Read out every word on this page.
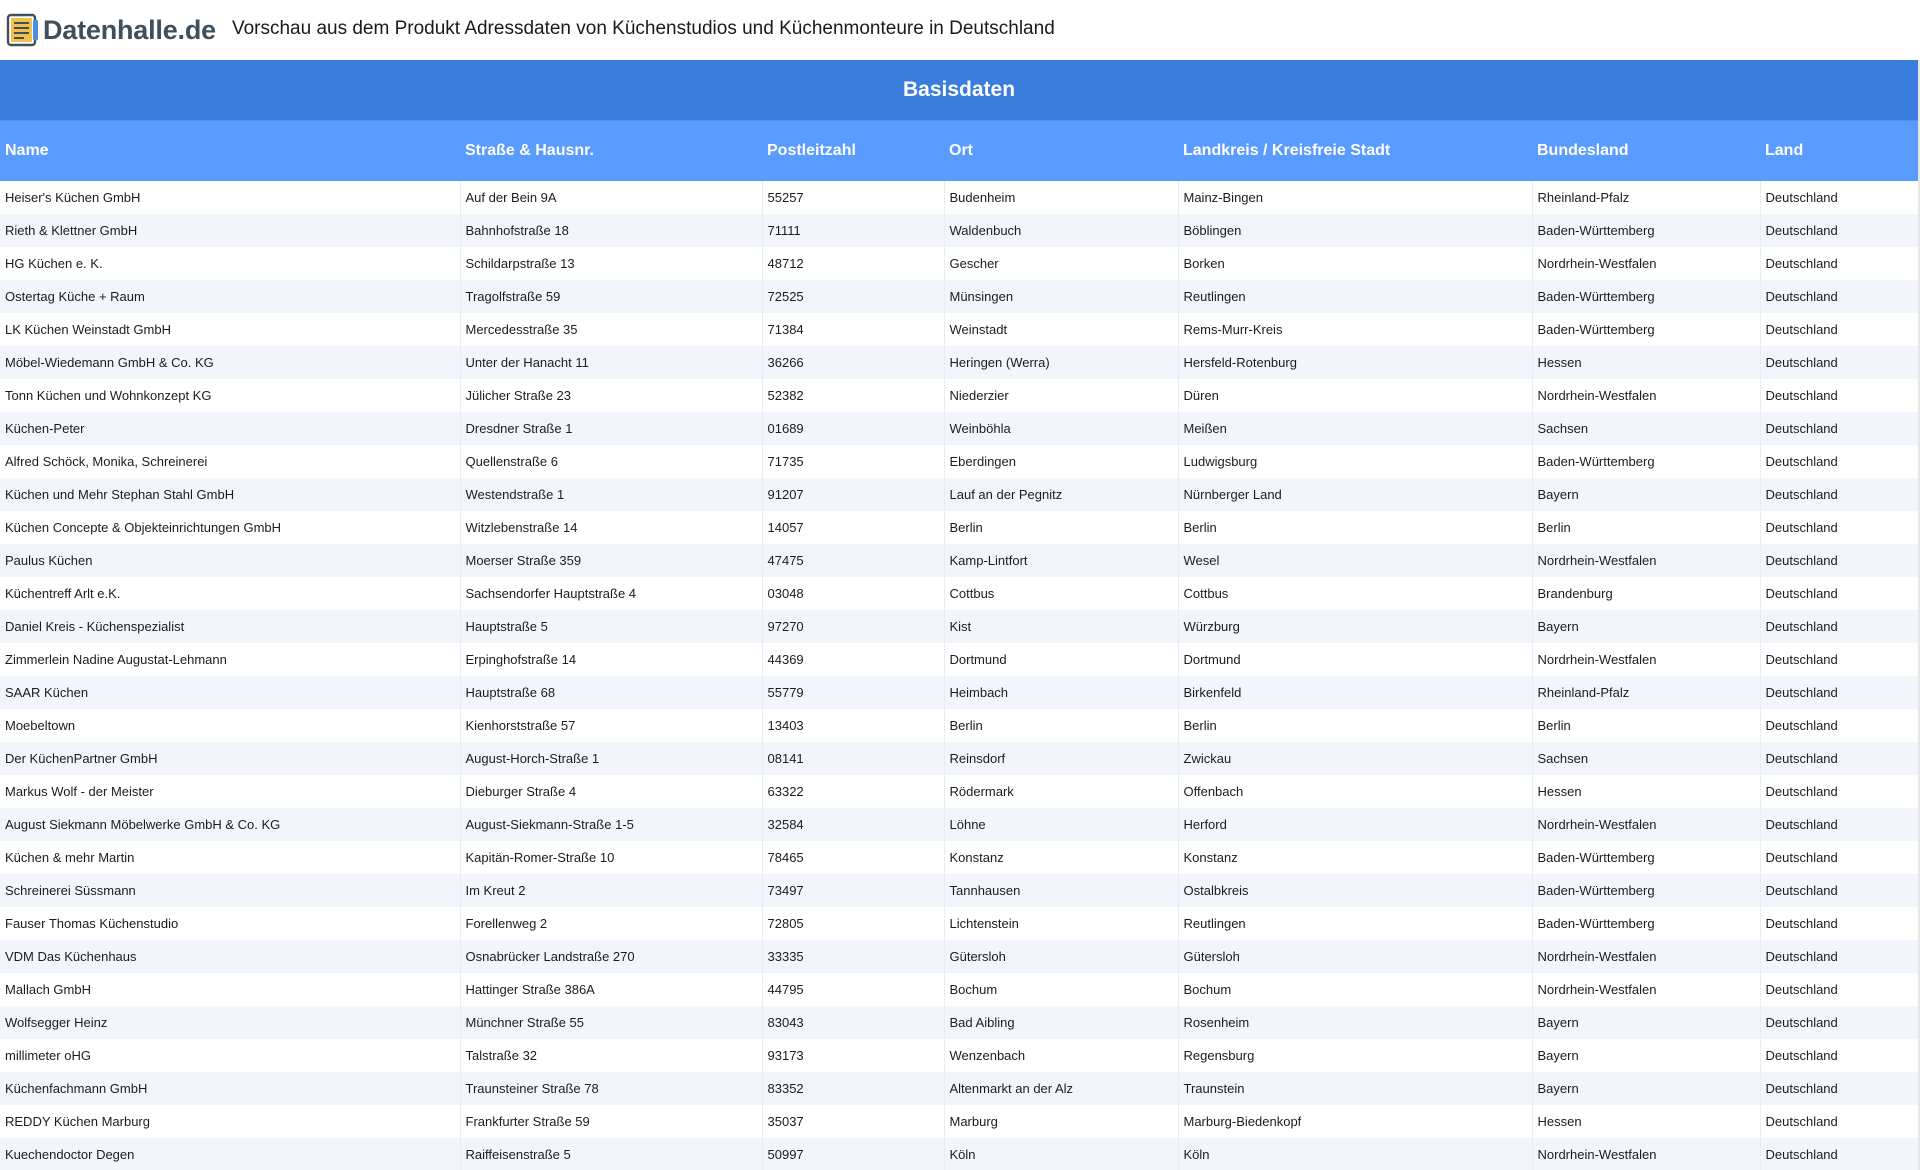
Datenhalle.de Vorschau aus dem Produkt Adressdaten von Küchenstudios und Küchenmonteure in Deutschland
Basisdaten						
Name	Straße & Hausnr.	Postleitzahl	Ort	Landkreis / Kreisfreie Stadt	Bundesland	Land
Heiser's Küchen GmbH	Auf der Bein 9A	55257	Budenheim	Mainz-Bingen	Rheinland-Pfalz	Deutschland
Rieth & Klettner GmbH	Bahnhofstraße 18	71111	Waldenbuch	Böblingen	Baden-Württemberg	Deutschland
HG Küchen e. K.	Schildarpstraße 13	48712	Gescher	Borken	Nordrhein-Westfalen	Deutschland
Ostertag Küche + Raum	Tragolfstraße 59	72525	Münsingen	Reutlingen	Baden-Württemberg	Deutschland
LK Küchen Weinstadt GmbH	Mercedesstraße 35	71384	Weinstadt	Rems-Murr-Kreis	Baden-Württemberg	Deutschland
Möbel-Wiedemann GmbH & Co. KG	Unter der Hanacht 11	36266	Heringen (Werra)	Hersfeld-Rotenburg	Hessen	Deutschland
Tonn Küchen und Wohnkonzept KG	Jülicher Straße 23	52382	Niederzier	Düren	Nordrhein-Westfalen	Deutschland
Küchen-Peter	Dresdner Straße 1	01689	Weinböhla	Meißen	Sachsen	Deutschland
Alfred Schöck, Monika, Schreinerei	Quellenstraße 6	71735	Eberdingen	Ludwigsburg	Baden-Württemberg	Deutschland
Küchen und Mehr Stephan Stahl GmbH	Westendstraße 1	91207	Lauf an der Pegnitz	Nürnberger Land	Bayern	Deutschland
Küchen Concepte & Objekteinrichtungen GmbH	Witzlebenstraße 14	14057	Berlin	Berlin	Berlin	Deutschland
Paulus Küchen	Moerser Straße 359	47475	Kamp-Lintfort	Wesel	Nordrhein-Westfalen	Deutschland
Küchentreff Arlt e.K.	Sachsendorfer Hauptstraße 4	03048	Cottbus	Cottbus	Brandenburg	Deutschland
Daniel Kreis - Küchenspezialist	Hauptstraße 5	97270	Kist	Würzburg	Bayern	Deutschland
Zimmerlein Nadine Augustat-Lehmann	Erpinghofstraße 14	44369	Dortmund	Dortmund	Nordrhein-Westfalen	Deutschland
SAAR Küchen	Hauptstraße 68	55779	Heimbach	Birkenfeld	Rheinland-Pfalz	Deutschland
Moebeltown	Kienhorststraße 57	13403	Berlin	Berlin	Berlin	Deutschland
Der KüchenPartner GmbH	August-Horch-Straße 1	08141	Reinsdorf	Zwickau	Sachsen	Deutschland
Markus Wolf - der Meister	Dieburger Straße 4	63322	Rödermark	Offenbach	Hessen	Deutschland
August Siekmann Möbelwerke GmbH & Co. KG	August-Siekmann-Straße 1-5	32584	Löhne	Herford	Nordrhein-Westfalen	Deutschland
Küchen & mehr Martin	Kapitän-Romer-Straße 10	78465	Konstanz	Konstanz	Baden-Württemberg	Deutschland
Schreinerei Süssmann	Im Kreut 2	73497	Tannhausen	Ostalbkreis	Baden-Württemberg	Deutschland
Fauser Thomas Küchenstudio	Forellenweg 2	72805	Lichtenstein	Reutlingen	Baden-Württemberg	Deutschland
VDM Das Küchenhaus	Osnabrücker Landstraße 270	33335	Gütersloh	Gütersloh	Nordrhein-Westfalen	Deutschland
Mallach GmbH	Hattinger Straße 386A	44795	Bochum	Bochum	Nordrhein-Westfalen	Deutschland
Wolfsegger Heinz	Münchner Straße 55	83043	Bad Aibling	Rosenheim	Bayern	Deutschland
millimeter oHG	Talstraße 32	93173	Wenzenbach	Regensburg	Bayern	Deutschland
Küchenfachmann GmbH	Traunsteiner Straße 78	83352	Altenmarkt an der Alz	Traunstein	Bayern	Deutschland
REDDY Küchen Marburg	Frankfurter Straße 59	35037	Marburg	Marburg-Biedenkopf	Hessen	Deutschland
Kuechendoctor Degen	Raiffeisenstraße 5	50997	Köln	Köln	Nordrhein-Westfalen	Deutschland
